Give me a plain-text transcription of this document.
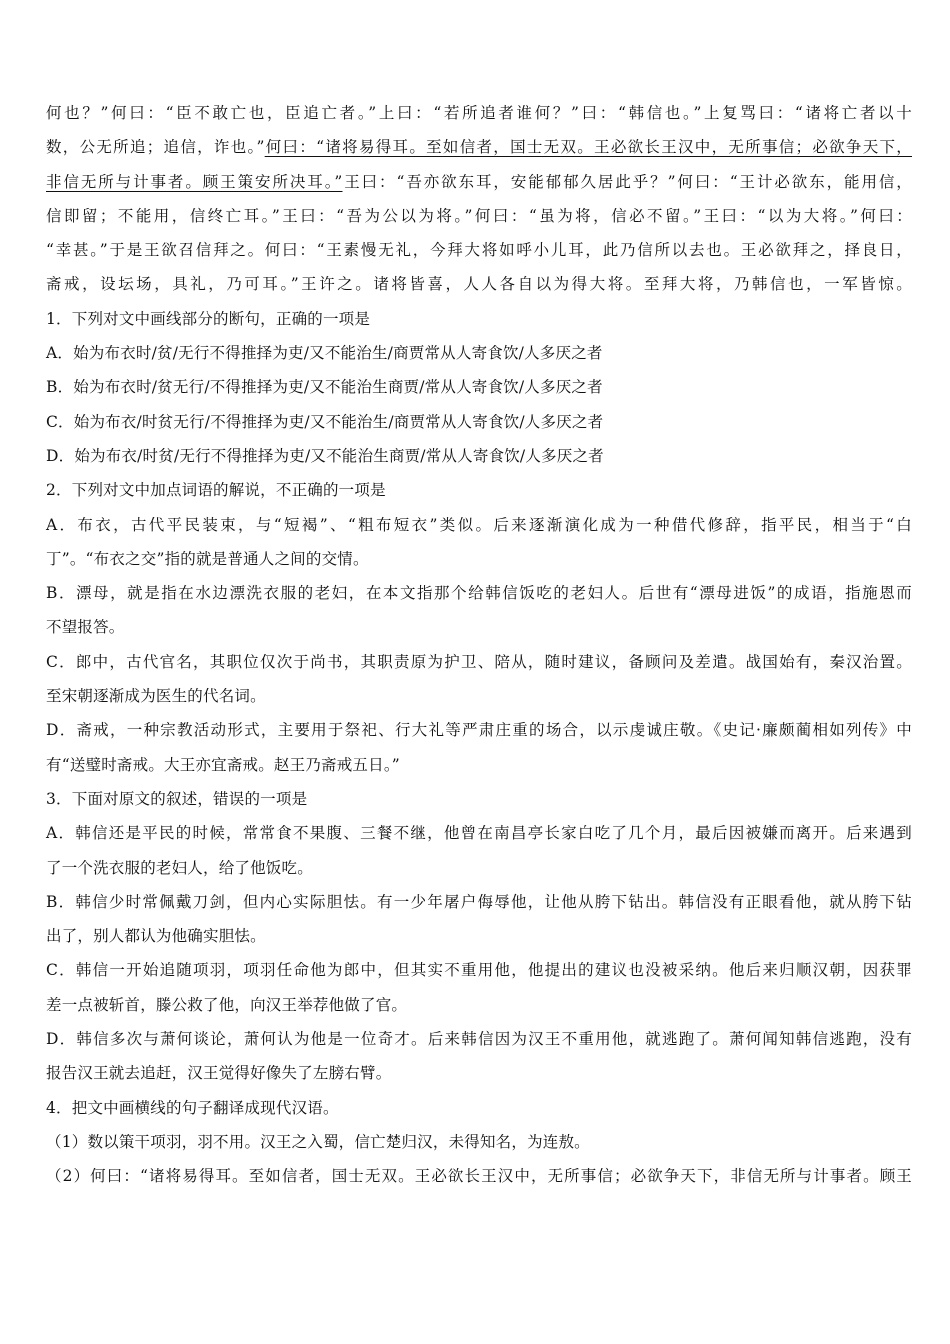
何也？”何曰：“臣不敢亡也，臣追亡者。”上曰：“若所追者谁何？”曰：“韩信也。”上复骂曰：“诸将亡者以十
数，公无所追；追信，诈也。”何曰：“诸将易得耳。至如信者，国士无双。王必欲长王汉中，无所事信；必欲争天下，
非信无所与计事者。顾王策安所决耳。”王曰：“吾亦欲东耳，安能郁郁久居此乎？”何曰：“王计必欲东，能用信，
信即留；不能用，信终亡耳。”王曰：“吾为公以为将。”何曰：“虽为将，信必不留。”王曰：“以为大将。”何曰：
“幸甚。”于是王欲召信拜之。何曰：“王素慢无礼，今拜大将如呼小儿耳，此乃信所以去也。王必欲拜之，择良日，
斋戒，设坛场，具礼，乃可耳。”王许之。诸将皆喜，人人各自以为得大将。至拜大将，乃韩信也，一军皆惊。
1．下列对文中画线部分的断句，正确的一项是
A．始为布衣时/贫/无行不得推择为吏/又不能治生/商贾常从人寄食饮/人多厌之者
B．始为布衣时/贫无行/不得推择为吏/又不能治生商贾/常从人寄食饮/人多厌之者
C．始为布衣/时贫无行/不得推择为吏/又不能治生/商贾常从人寄食饮/人多厌之者
D．始为布衣/时贫/无行不得推择为吏/又不能治生商贾/常从人寄食饮/人多厌之者
2．下列对文中加点词语的解说，不正确的一项是
A．布衣，古代平民装束，与“短褐”、“粗布短衣”类似。后来逐渐演化成为一种借代修辞，指平民，相当于“白
丁”。“布衣之交”指的就是普通人之间的交情。
B．漂母，就是指在水边漂洗衣服的老妇，在本文指那个给韩信饭吃的老妇人。后世有“漂母进饭”的成语，指施恩而
不望报答。
C．郎中，古代官名，其职位仅次于尚书，其职责原为护卫、陪从，随时建议，备顾问及差遣。战国始有，秦汉治置。
至宋朝逐渐成为医生的代名词。
D．斋戒，一种宗教活动形式，主要用于祭祀、行大礼等严肃庄重的场合，以示虔诚庄敬。《史记·廉颇蔺相如列传》中
有“送璧时斋戒。大王亦宜斋戒。赵王乃斋戒五日。”
3．下面对原文的叙述，错误的一项是
A．韩信还是平民的时候，常常食不果腹、三餐不继，他曾在南昌亭长家白吃了几个月，最后因被嫌而离开。后来遇到
了一个洗衣服的老妇人，给了他饭吃。
B．韩信少时常佩戴刀剑，但内心实际胆怯。有一少年屠户侮辱他，让他从胯下钻出。韩信没有正眼看他，就从胯下钻
出了，别人都认为他确实胆怯。
C．韩信一开始追随项羽，项羽任命他为郎中，但其实不重用他，他提出的建议也没被采纳。他后来归顺汉朝，因获罪
差一点被斩首，滕公救了他，向汉王举荐他做了官。
D．韩信多次与萧何谈论，萧何认为他是一位奇才。后来韩信因为汉王不重用他，就逃跑了。萧何闻知韩信逃跑，没有
报告汉王就去追赶，汉王觉得好像失了左膀右臂。
4．把文中画横线的句子翻译成现代汉语。
（1）数以策干项羽，羽不用。汉王之入蜀，信亡楚归汉，未得知名，为连敖。
（2）何曰：“诸将易得耳。至如信者，国士无双。王必欲长王汉中，无所事信；必欲争天下，非信无所与计事者。顾王
